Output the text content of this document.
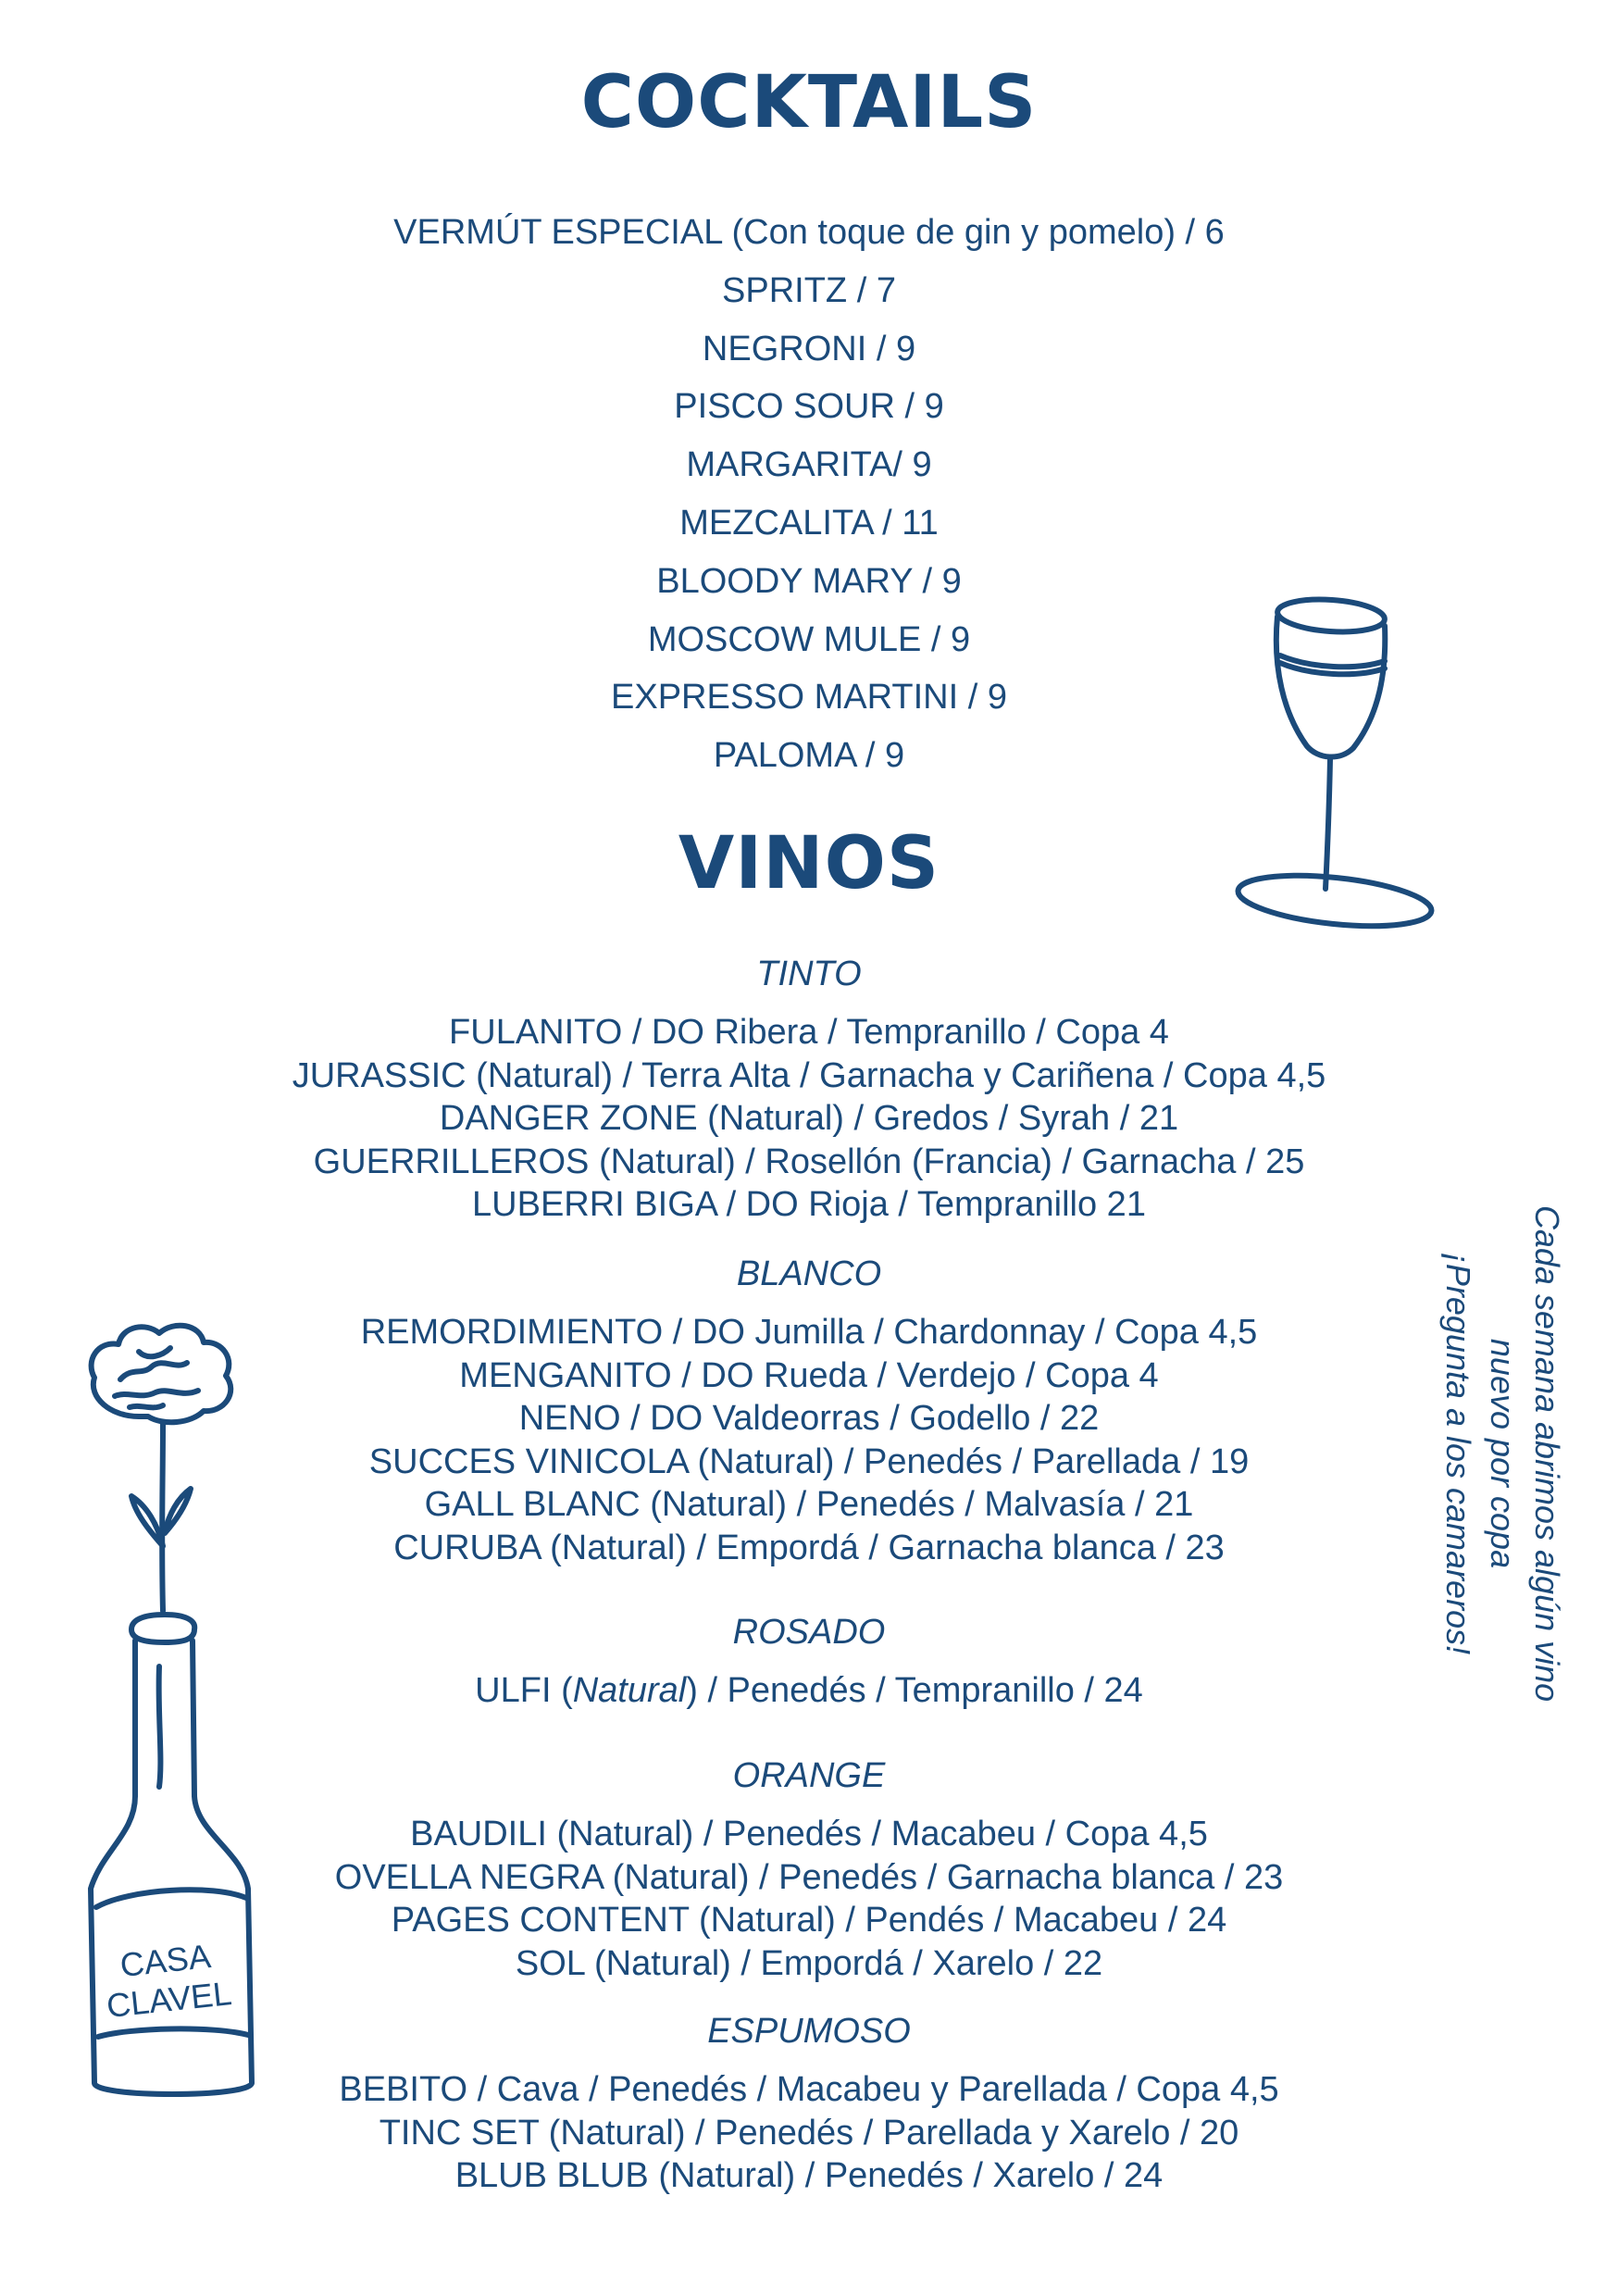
COCKTAILS
VERMÚT ESPECIAL (Con toque de gin y pomelo) / 6
SPRITZ / 7
NEGRONI / 9
PISCO SOUR / 9
MARGARITA/ 9
MEZCALITA / 11
BLOODY MARY / 9
MOSCOW MULE / 9
EXPRESSO MARTINI / 9
PALOMA / 9
VINOS
TINTO
FULANITO / DO Ribera / Tempranillo / Copa 4
JURASSIC (Natural) / Terra Alta / Garnacha y Cariñena / Copa 4,5
DANGER ZONE (Natural) / Gredos / Syrah / 21
GUERRILLEROS (Natural) / Rosellón (Francia) / Garnacha / 25
LUBERRI BIGA / DO Rioja / Tempranillo 21
BLANCO
REMORDIMIENTO / DO Jumilla / Chardonnay / Copa 4,5
MENGANITO / DO Rueda / Verdejo / Copa 4
NENO / DO Valdeorras / Godello / 22
SUCCES VINICOLA (Natural) / Penedés / Parellada / 19
GALL BLANC (Natural) / Penedés / Malvasía / 21
CURUBA (Natural) / Empordá / Garnacha blanca / 23
ROSADO
ULFI (Natural) / Penedés / Tempranillo / 24
ORANGE
BAUDILI (Natural) / Penedés / Macabeu / Copa 4,5
OVELLA NEGRA (Natural) / Penedés / Garnacha blanca / 23
PAGES CONTENT (Natural) / Pendés / Macabeu / 24
SOL (Natural) / Empordá / Xarelo / 22
ESPUMOSO
BEBITO / Cava / Penedés / Macabeu y Parellada / Copa 4,5
TINC SET (Natural) / Penedés / Parellada y Xarelo / 20
BLUB BLUB (Natural) / Penedés / Xarelo / 24
Cada semana abrimos algún vino nuevo por copa
¡Pregunta a los camareros!
CASA
CLAVEL
